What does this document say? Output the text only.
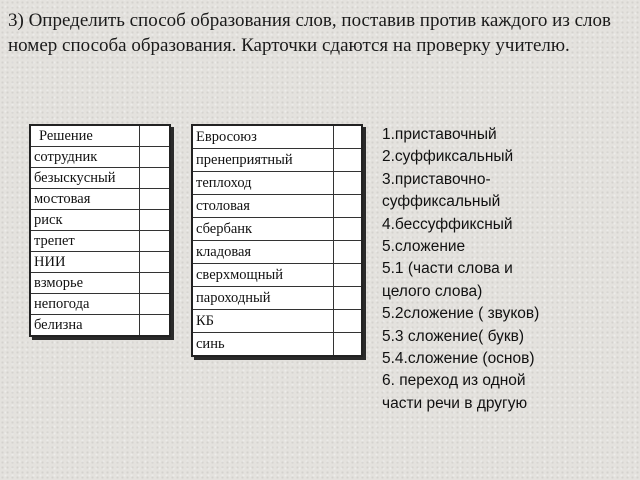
3) Определить способ образования слов, поставив против каждого из слов номер способа образования. Карточки сдаются на проверку учителю.

Решение	
сотрудник	
безыскусный	
мостовая	
риск	
трепет	
НИИ	
взморье	
непогода	
белизна	
Евросоюз	
пренеприятный	
теплоход	
столовая	
сбербанк	
кладовая	
сверхмощный	
пароходный	
КБ	
синь	
1.приставочный
2.суффиксальный
3.приставочно-
суффиксальный
4.бессуффиксный
5.сложение
5.1 (части слова и
целого слова)
5.2сложение ( звуков)
5.3 сложение( букв)
5.4.сложение (основ)
6. переход из одной
части речи в другую
